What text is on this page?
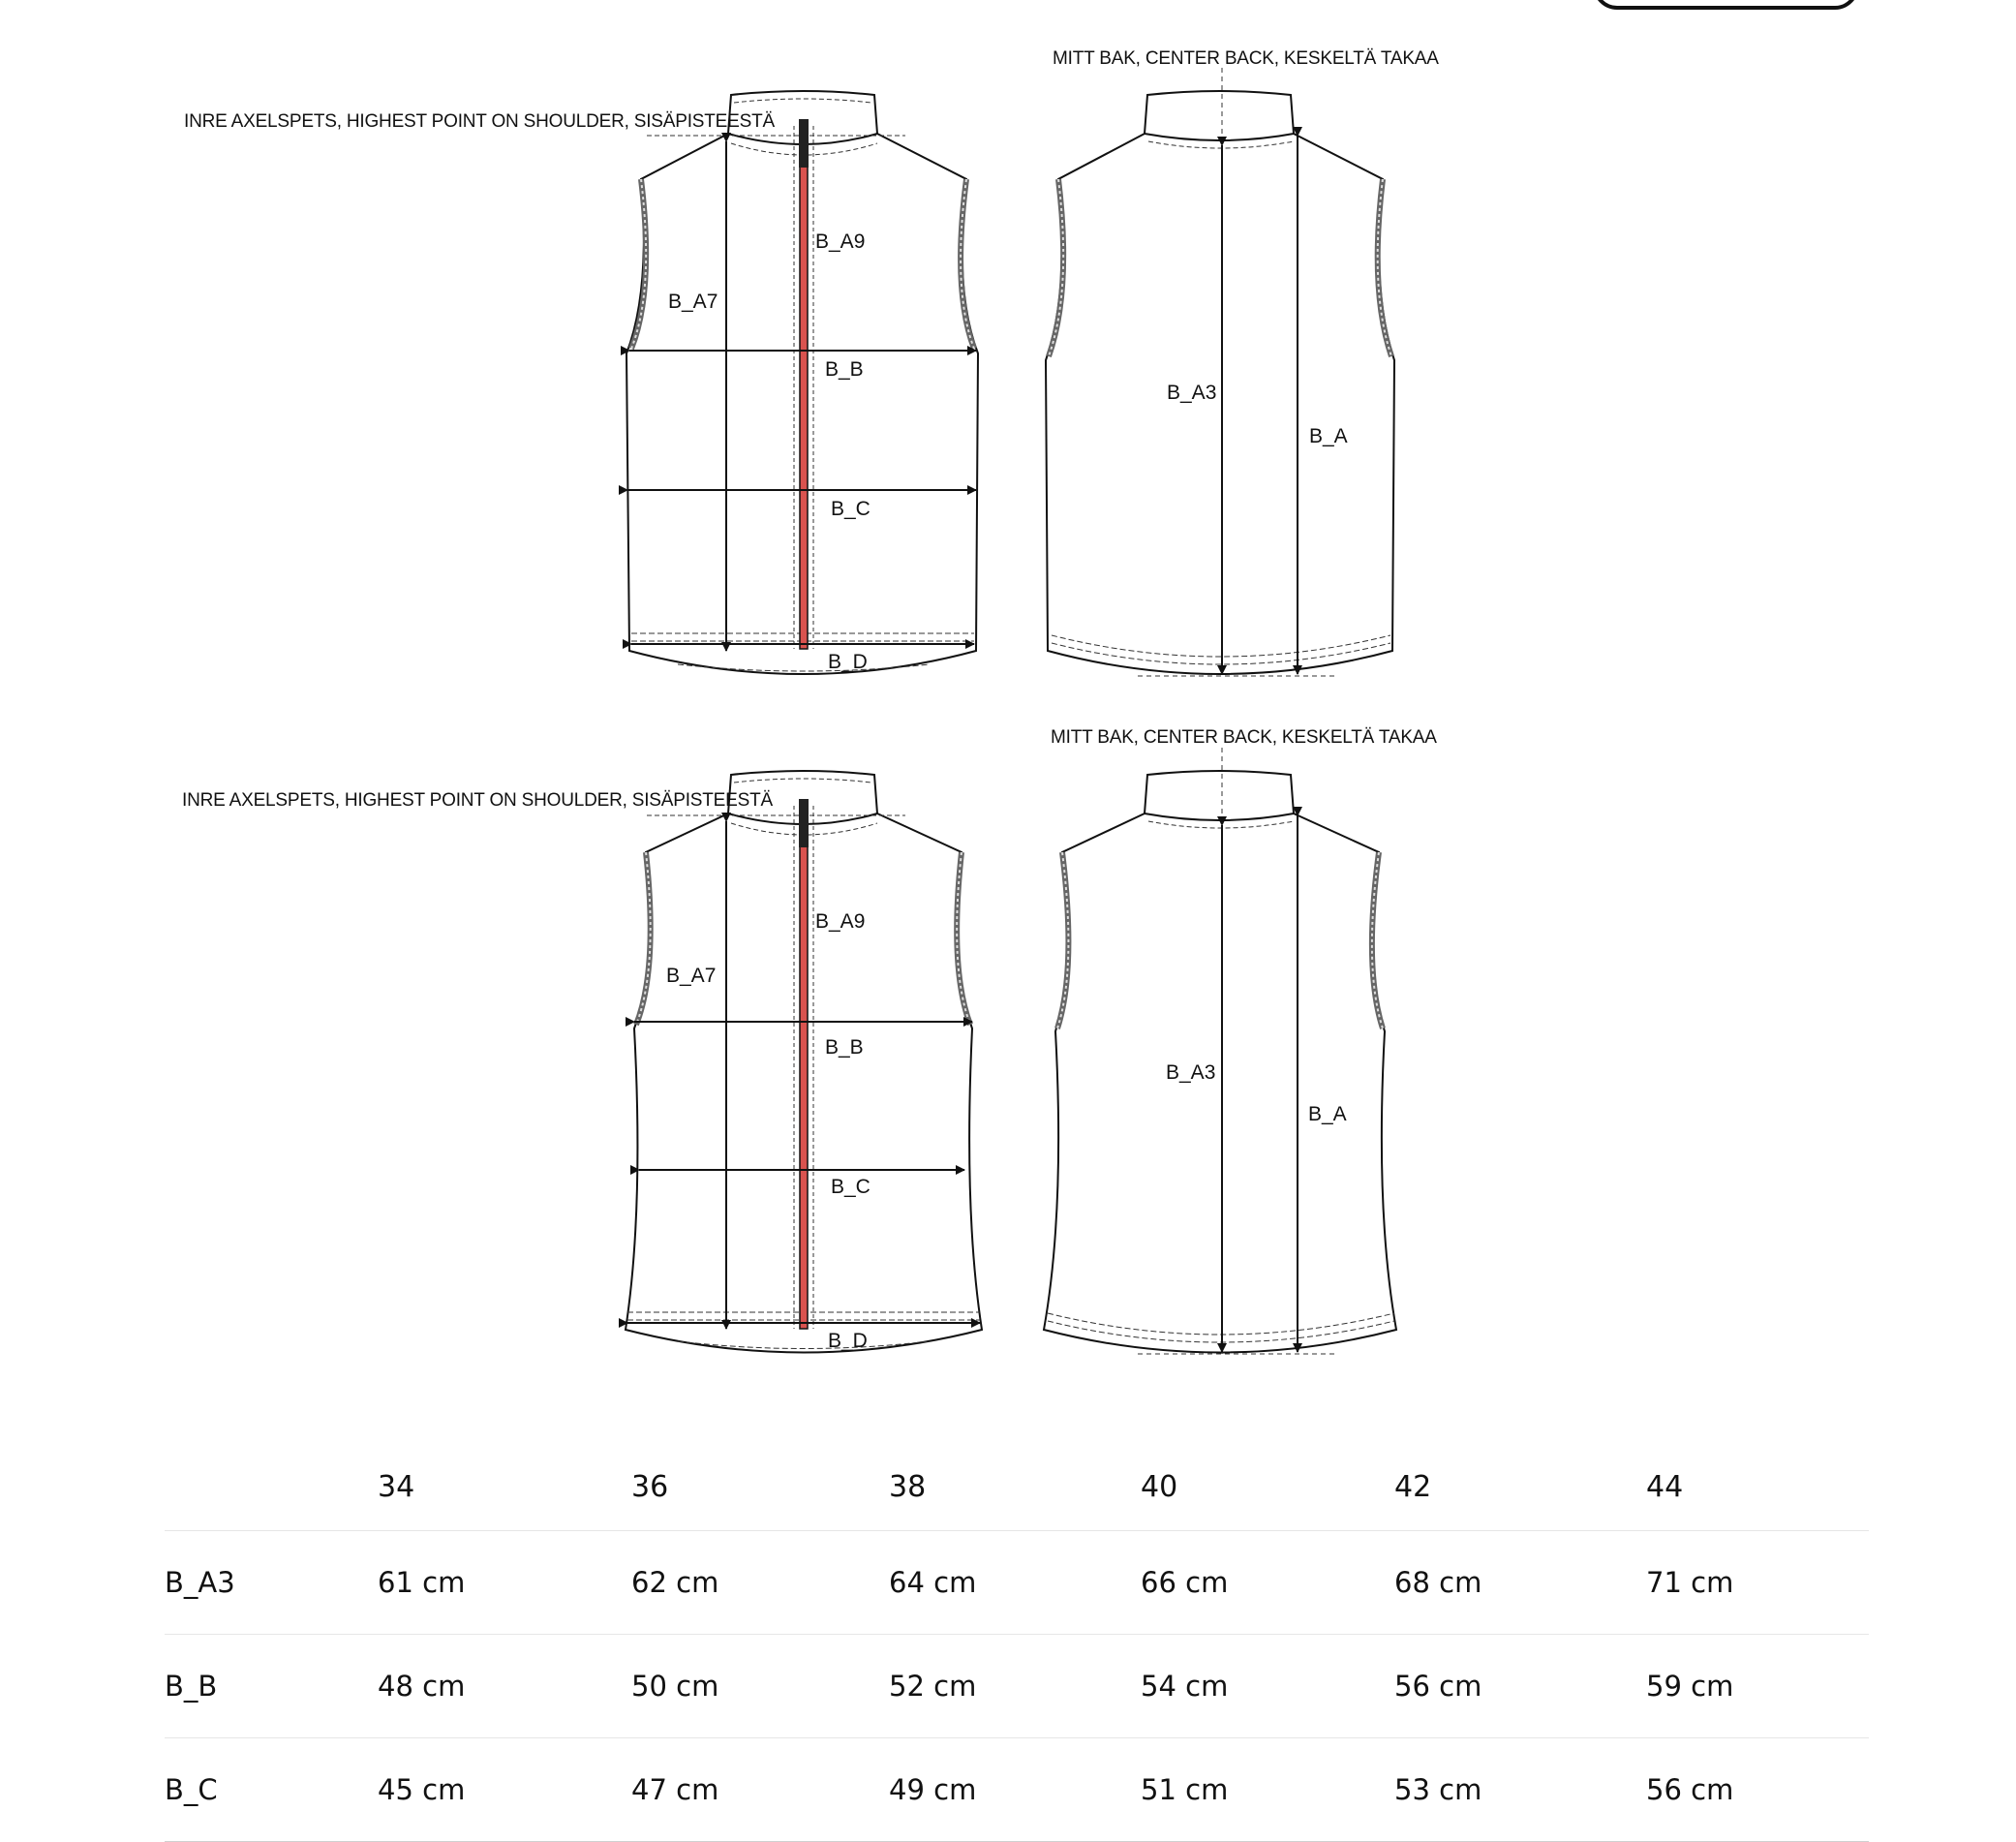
B_A9
B_A7
B_B
B_C
B_D
INRE AXELSPETS, HIGHEST POINT ON SHOULDER, SISÄPISTEESTÄ
B_A3
B_A
MITT BAK, CENTER BACK, KESKELTÄ TAKAA
B_A9
B_A7
B_B
B_C
B_D
INRE AXELSPETS, HIGHEST POINT ON SHOULDER, SISÄPISTEESTÄ
B_A3
B_A
MITT BAK, CENTER BACK, KESKELTÄ TAKAA
	34	36	38	40	42	44
B_A3	61 cm	62 cm	64 cm	66 cm	68 cm	71 cm
B_B	48 cm	50 cm	52 cm	54 cm	56 cm	59 cm
B_C	45 cm	47 cm	49 cm	51 cm	53 cm	56 cm
